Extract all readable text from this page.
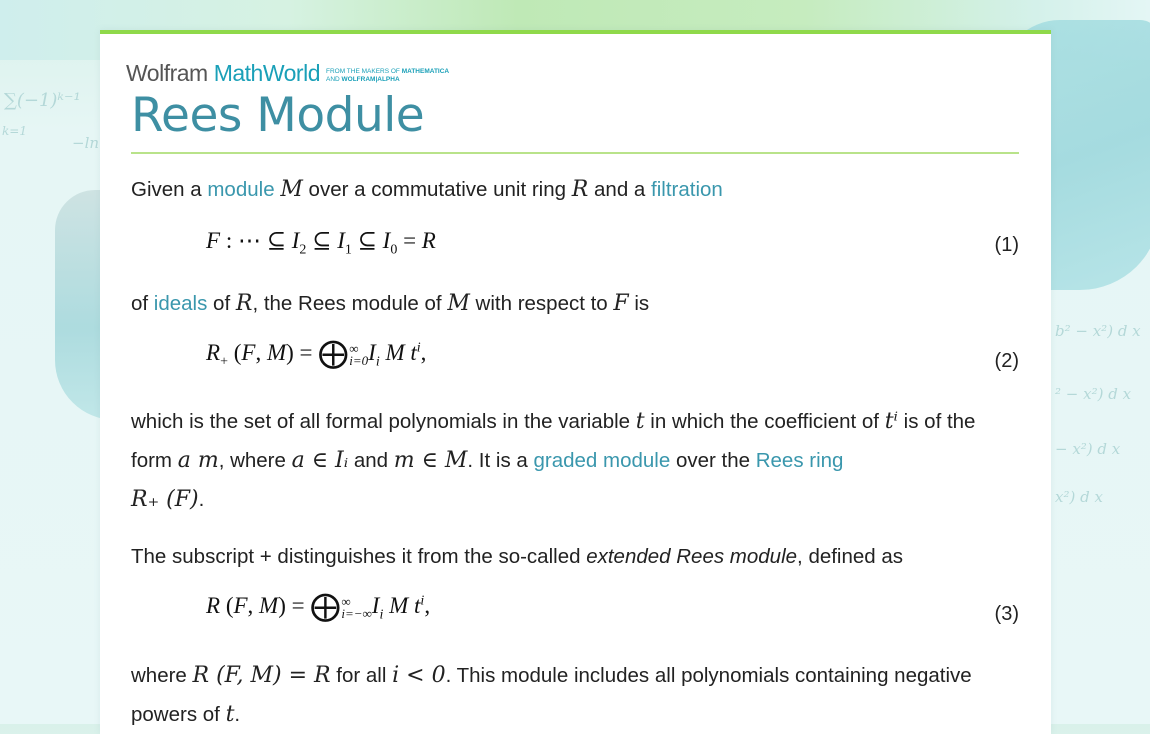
∑(−1)ᵏ⁻¹
k=1
−ln
b² − x²) d x
² − x²) d x
− x²) d x
x²) d x
Wolfram MathWorld FROM THE MAKERS OF MATHEMATICA
AND WOLFRAM|ALPHA
Rees Module

Given a module M over a commutative unit ring R and a filtration

F : ⋯ ⊆ $I_2$ ⊆ $I_1$ ⊆ $I_0 = R$	(1)

of ideals of R, the Rees module of M with respect to F is

$R_+$ (F, M) = ⨁ ∞
i=0 $I_i$ M $t^i$,	(2)

which is the set of all formal polynomials in the variable t in which the coefficient of tⁱ is of the form a m, where a ∈ Iᵢ and m ∈ M. It is a graded module over the Rees ring
R₊ (F).

The subscript + distinguishes it from the so-called extended Rees module, defined as

R (F, M) = ⨁ ∞
i=−∞ $I_i$ M $t^i$,	(3)

where R (F, M) = R for all i < 0. This module includes all polynomials containing negative powers of t.
